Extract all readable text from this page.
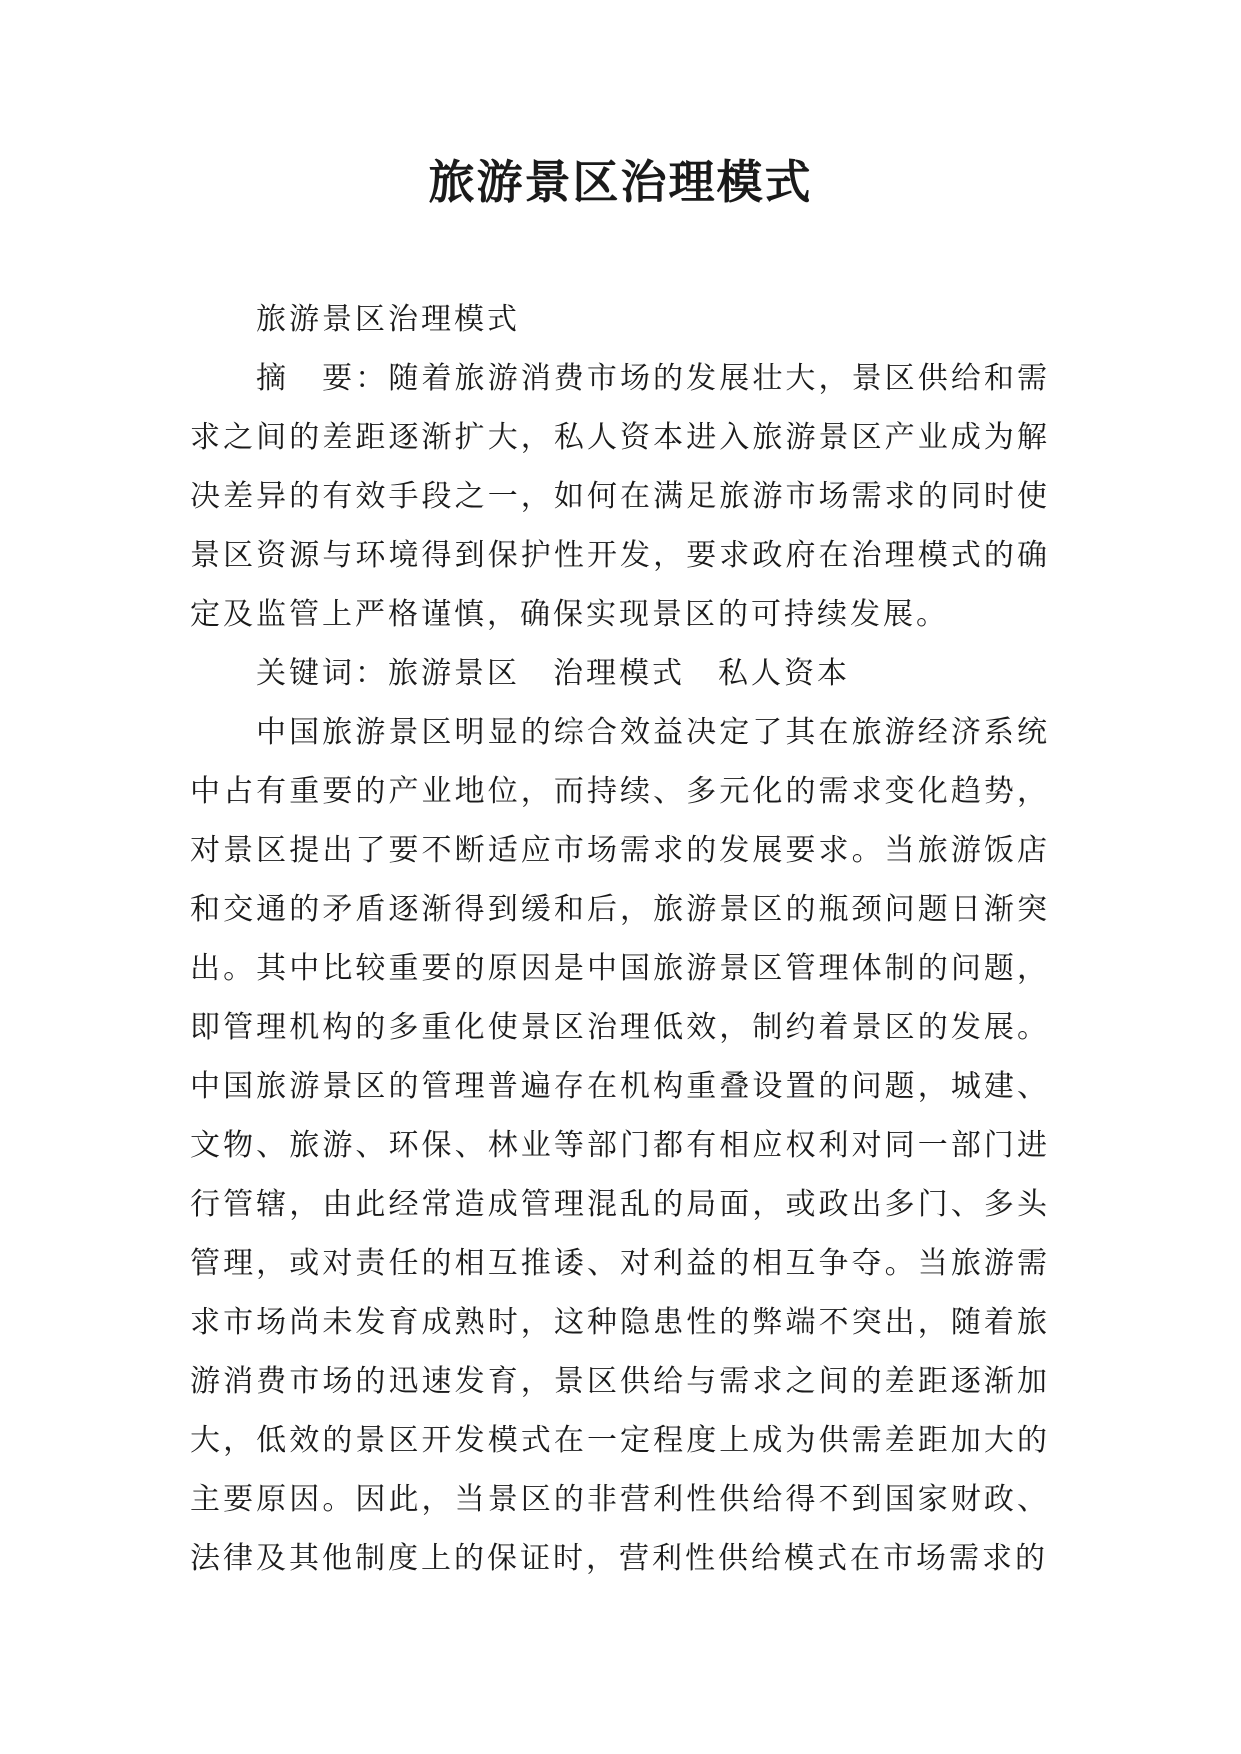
旅游景区治理模式

旅游景区治理模式

摘　要：随着旅游消费市场的发展壮大，景区供给和需求之间的差距逐渐扩大，私人资本进入旅游景区产业成为解决差异的有效手段之一，如何在满足旅游市场需求的同时使景区资源与环境得到保护性开发，要求政府在治理模式的确定及监管上严格谨慎，确保实现景区的可持续发展。

关键词：旅游景区　治理模式　私人资本

中国旅游景区明显的综合效益决定了其在旅游经济系统中占有重要的产业地位，而持续、多元化的需求变化趋势，对景区提出了要不断适应市场需求的发展要求。当旅游饭店和交通的矛盾逐渐得到缓和后，旅游景区的瓶颈问题日渐突出。其中比较重要的原因是中国旅游景区管理体制的问题，即管理机构的多重化使景区治理低效，制约着景区的发展。中国旅游景区的管理普遍存在机构重叠设置的问题，城建、文物、旅游、环保、林业等部门都有相应权利对同一部门进行管辖，由此经常造成管理混乱的局面，或政出多门、多头管理，或对责任的相互推诿、对利益的相互争夺。当旅游需求市场尚未发育成熟时，这种隐患性的弊端不突出，随着旅游消费市场的迅速发育，景区供给与需求之间的差距逐渐加大，低效的景区开发模式在一定程度上成为供需差距加大的主要原因。因此，当景区的非营利性供给得不到国家财政、法律及其他制度上的保证时，营利性供给模式在市场需求的
